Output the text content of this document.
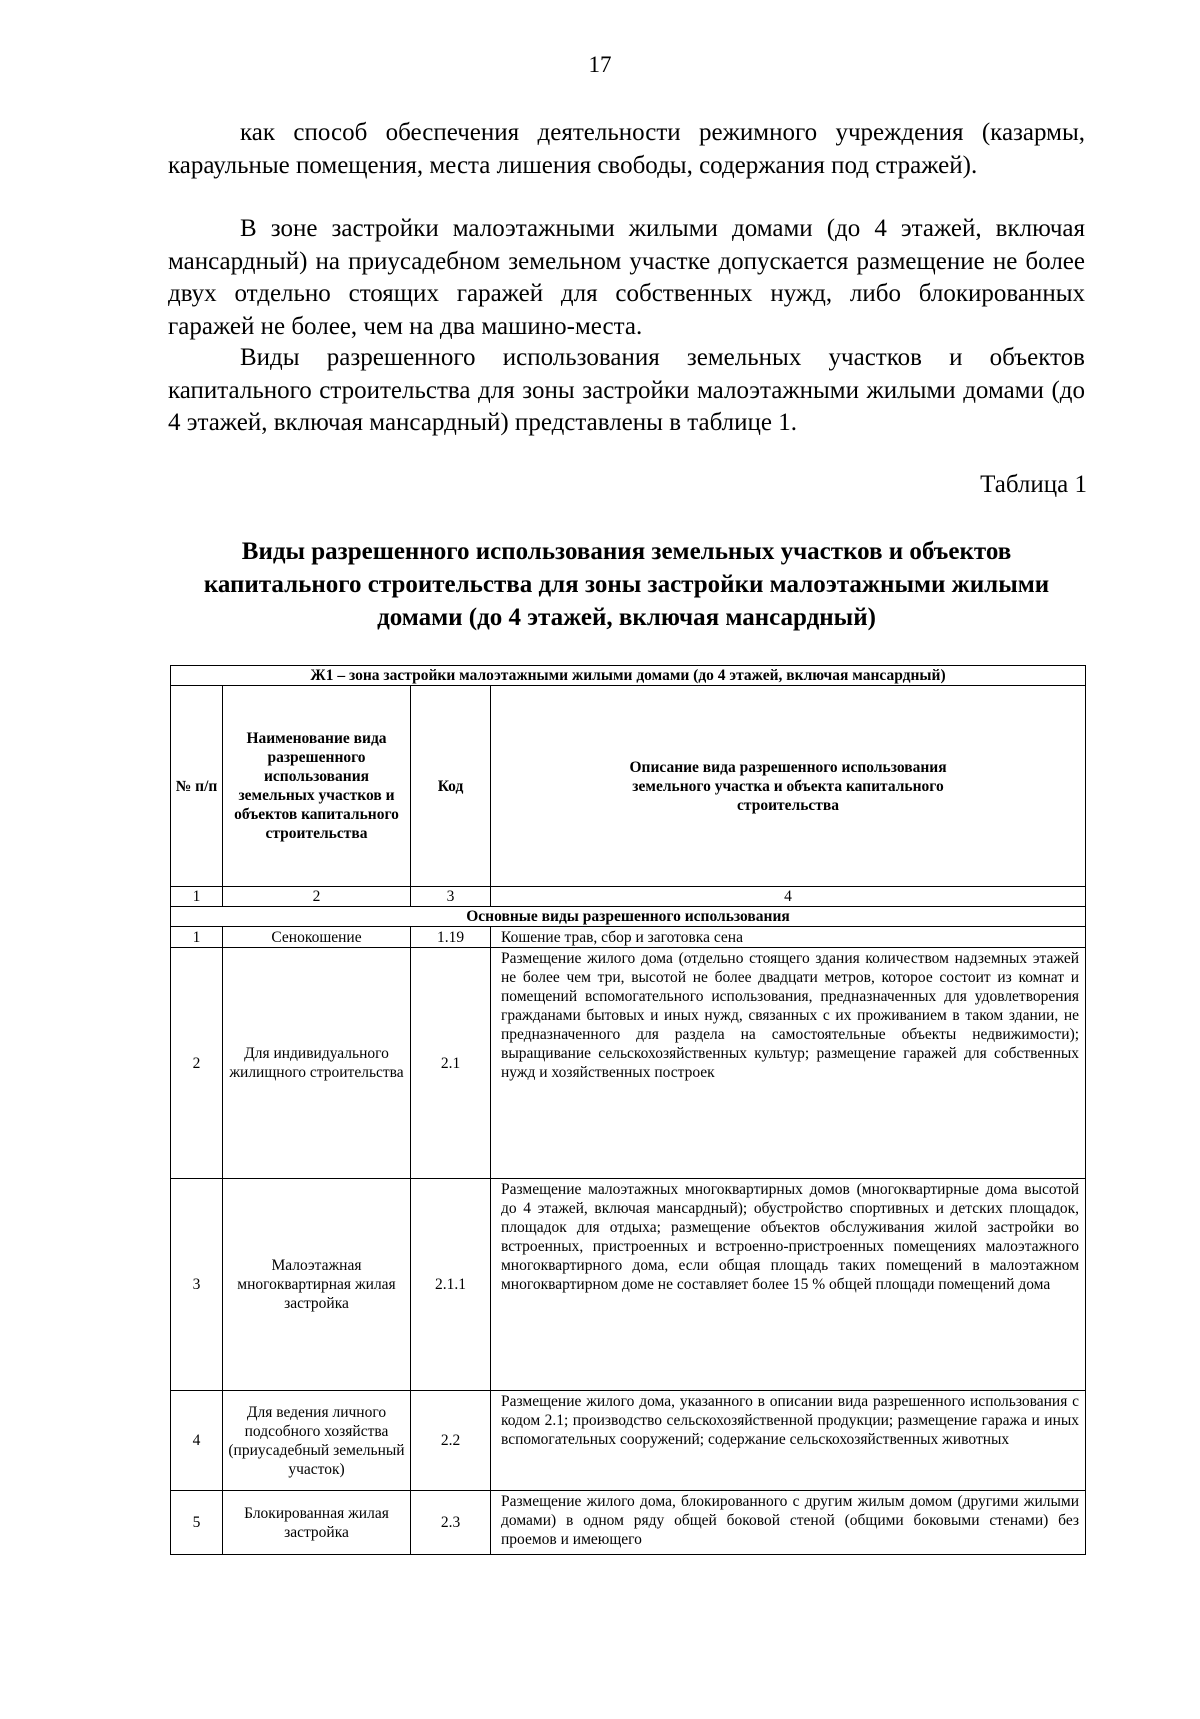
17

как способ обеспечения деятельности режимного учреждения (казармы, караульные помещения, места лишения свободы, содержания под стражей).

В зоне застройки малоэтажными жилыми домами (до 4 этажей, включая мансардный) на приусадебном земельном участке допускается размещение не более двух отдельно стоящих гаражей для собственных нужд, либо блокированных гаражей не более, чем на два машино-места.

Виды разрешенного использования земельных участков и объектов капитального строительства для зоны застройки малоэтажными жилыми домами (до 4 этажей, включая мансардный) представлены в таблице 1.

Таблица 1
Виды разрешенного использования земельных участков и объектов капитального строительства для зоны застройки малоэтажными жилыми домами (до 4 этажей, включая мансардный)
Ж1 – зона застройки малоэтажными жилыми домами (до 4 этажей, включая мансардный)			
№ п/п	Наименование вида разрешенного использования земельных участков и объектов капитального строительства	Код	Описание вида разрешенного использования земельного участка и объекта капитального строительства

1	2	3	4
Основные виды разрешенного использования			
1	Сенокошение	1.19	Кошение трав, сбор и заготовка сена
2	Для индивидуального жилищного строительства	2.1	Размещение жилого дома (отдельно стоящего здания количеством надземных этажей не более чем три, высотой не более двадцати метров, которое состоит из комнат и помещений вспомогательного использования, предназначенных для удовлетворения гражданами бытовых и иных нужд, связанных с их проживанием в таком здании, не предназначенного для раздела на самостоятельные объекты недвижимости); выращивание сельскохозяйственных культур; размещение гаражей для собственных нужд и хозяйственных построек
3	Малоэтажная многоквартирная жилая застройка	2.1.1	Размещение малоэтажных многоквартирных домов (многоквартирные дома высотой до 4 этажей, включая мансардный); обустройство спортивных и детских площадок, площадок для отдыха; размещение объектов обслуживания жилой застройки во встроенных, пристроенных и встроенно-пристроенных помещениях малоэтажного многоквартирного дома, если общая площадь таких помещений в малоэтажном многоквартирном доме не составляет более 15 % общей площади помещений дома
4	Для ведения личного подсобного хозяйства (приусадебный земельный участок)	2.2	Размещение жилого дома, указанного в описании вида разрешенного использования с кодом 2.1; производство сельскохозяйственной продукции; размещение гаража и иных вспомогательных сооружений; содержание сельскохозяйственных животных
5	Блокированная жилая застройка	2.3	Размещение жилого дома, блокированного с другим жилым домом (другими жилыми домами) в одном ряду общей боковой стеной (общими боковыми стенами) без проемов и имеющего
